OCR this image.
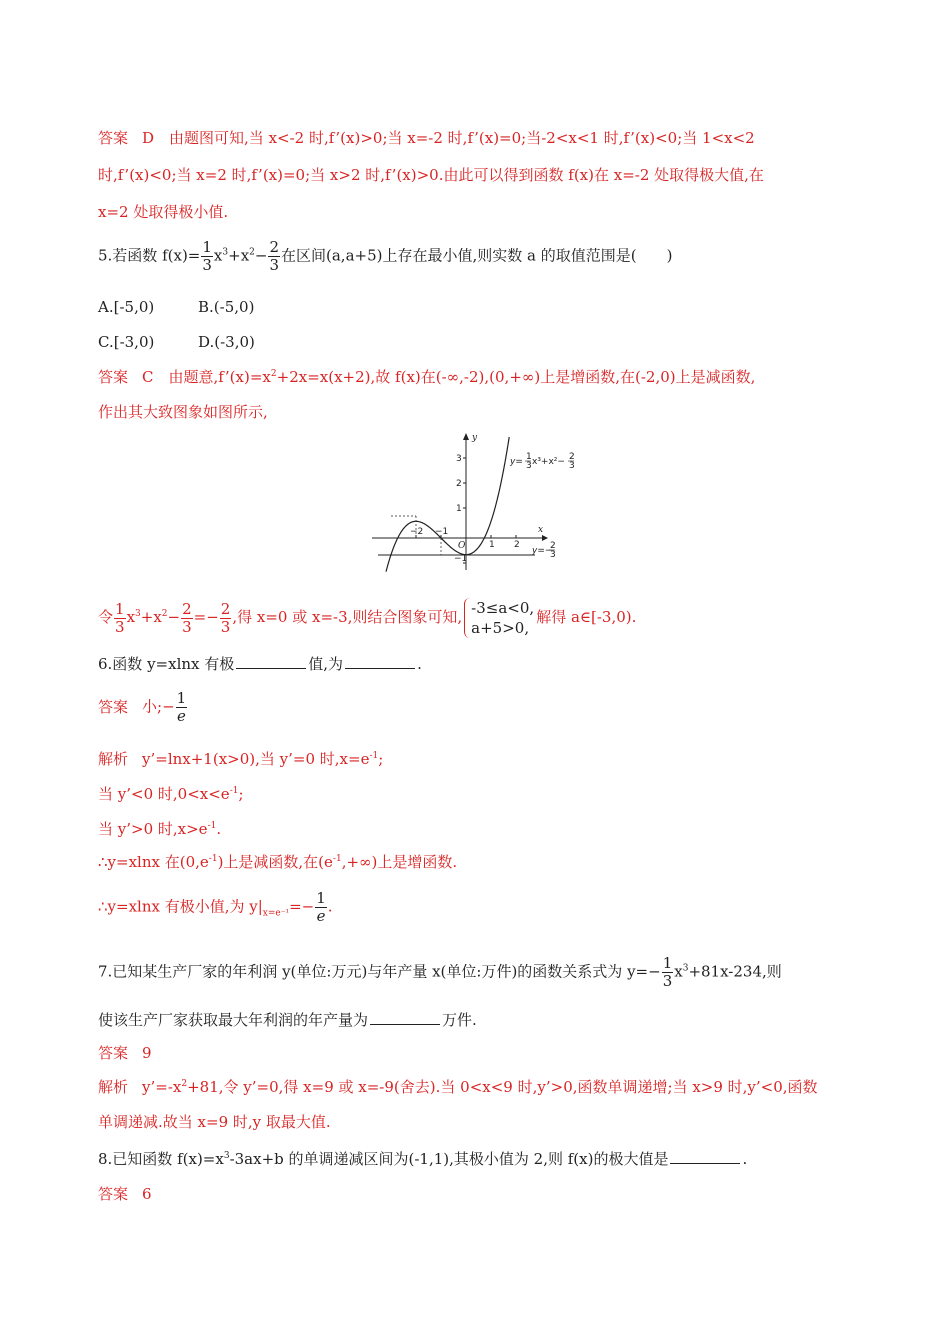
答案 D　由题图可知,当 x<-2 时,f’(x)>0;当 x=-2 时,f’(x)=0;当-2<x<1 时,f’(x)<0;当 1<x<2
时,f’(x)<0;当 x=2 时,f’(x)=0;当 x>2 时,f’(x)>0.由此可以得到函数 f(x)在 x=-2 处取得极大值,在
x=2 处取得极小值.
5.若函数 $f(x)= \frac{1}{3} x^3+x^2- \frac{2}{3}$ 在区间(a,a+5)上存在最小值,则实数 a 的取值范围是(　　)
A.[-5,0)	B.(-5,0)
C.[-3,0)	D.(-3,0)
答案 C　由题意$,f’(x)=x^2+2x=x(x+2)$,故 f(x)在(-∞,-2),(0,+∞)上是增函数,在(-2,0)上是减函数,
作出其大致图象如图所示,
y
x
O
−2 −1
1 2
3
2
1
−1
y= 1
3 x³+x²− 2
3
y=−
2
3
令 $\frac{1}{3} x^3+x^2- \frac{2}{3} =- \frac{2}{3}$ ,得 x=0 或 x=-3,则结合图象可知, -3≤a<0,
a+5>0,
解得 a∈[-3,0).
6.函数 y=xlnx 有极	值,为	.
答案 小;− $\frac{1}{e}$
解析 y’=lnx+1(x>0),当 y’=0 时$,x=e^{-1}$;
当 y’<0 时$,0<x<e^{-1}$;
当 y’>0 时$,x>e^{-1}$.
∴y=xlnx 在$(0,e^{-1})$上是减函数,在$(e^{-1},+\infty)$上是增函数.
∴y=xlnx 有极小值,为 $y|_{x=e^{-1}}=- \frac{1}{e}$ .
7.已知某生产厂家的年利润 y(单位:万元)与年产量 x(单位:万件)的函数关系式为 $y=- \frac{1}{3} x^3+81x-234$,则
使该生产厂家获取最大年利润的年产量为	万件.
答案 9
解析 $y’=-x^2+81$,令 y’=0,得 x=9 或 x=-9(舍去).当 0<x<9 时,y’>0,函数单调递增;当 x>9 时,y’<0,函数
单调递减.故当 x=9 时,y 取最大值.
8.已知函数 $f(x)=x^3-3ax+b$ 的单调递减区间为(-1,1),其极小值为 2,则 f(x)的极大值是	.
答案 6
